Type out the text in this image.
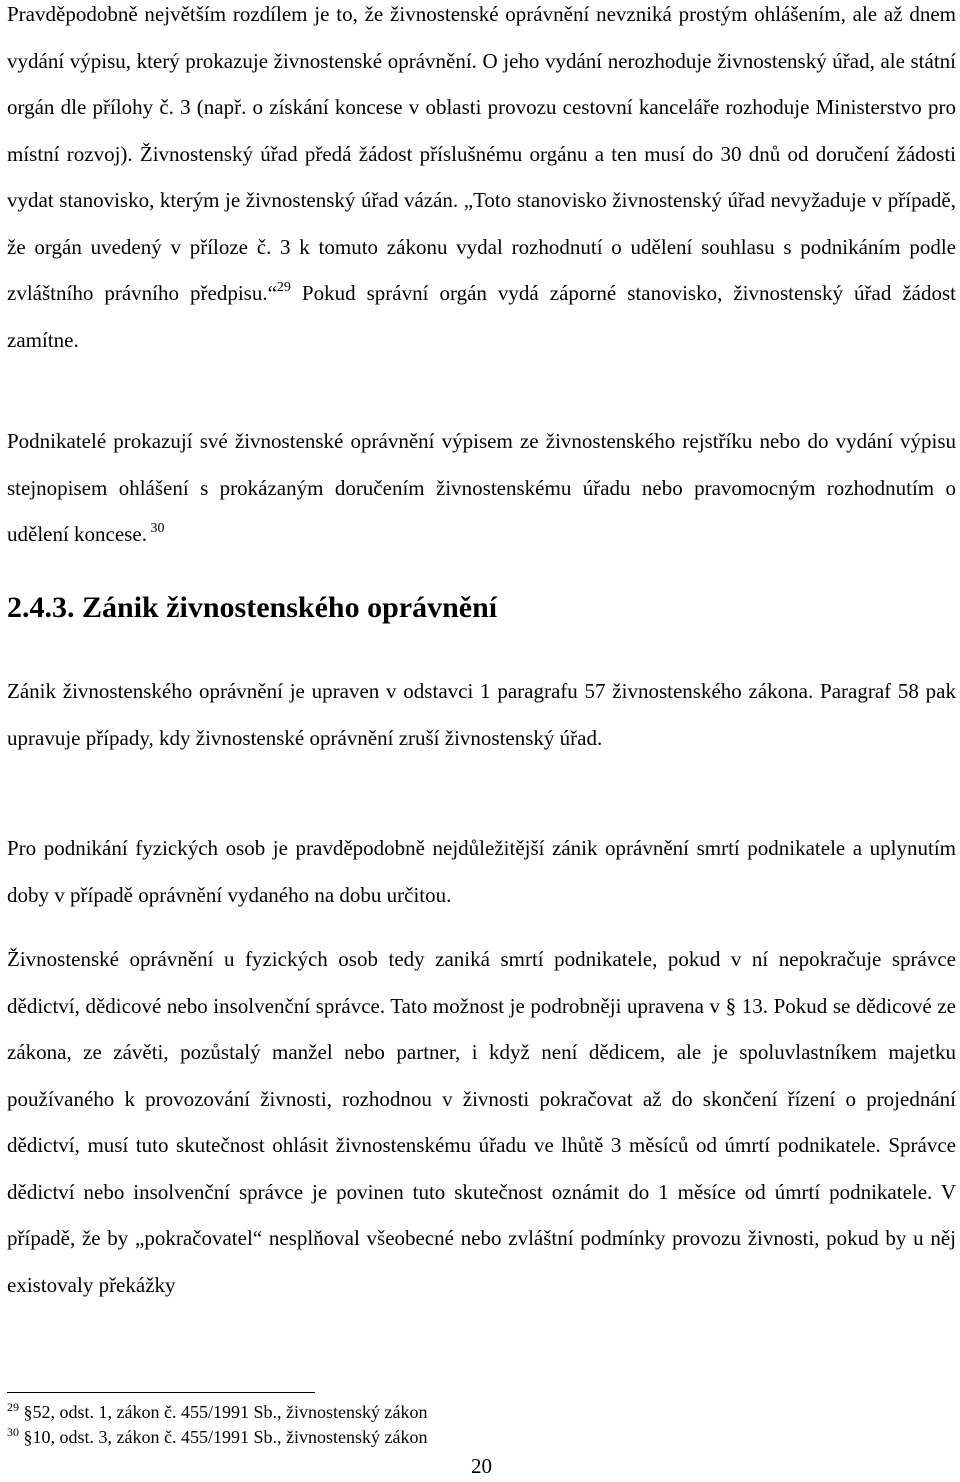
Pravděpodobně největším rozdílem je to, že živnostenské oprávnění nevzniká prostým ohlášením, ale až dnem vydání výpisu, který prokazuje živnostenské oprávnění. O jeho vydání nerozhoduje živnostenský úřad, ale státní orgán dle přílohy č. 3 (např. o získání koncese v oblasti provozu cestovní kanceláře rozhoduje Ministerstvo pro místní rozvoj). Živnostenský úřad předá žádost příslušnému orgánu a ten musí do 30 dnů od doručení žádosti vydat stanovisko, kterým je živnostenský úřad vázán. „Toto stanovisko živnostenský úřad nevyžaduje v případě, že orgán uvedený v příloze č. 3 k tomuto zákonu vydal rozhodnutí o udělení souhlasu s podnikáním podle zvláštního právního předpisu.“$^{29}$ Pokud správní orgán vydá záporné stanovisko, živnostenský úřad žádost zamítne.

Podnikatelé prokazují své živnostenské oprávnění výpisem ze živnostenského rejstříku nebo do vydání výpisu stejnopisem ohlášení s prokázaným doručením živnostenskému úřadu nebo pravomocným rozhodnutím o udělení koncese. $^{30}$

2.4.3. Zánik živnostenského oprávnění

Zánik živnostenského oprávnění je upraven v odstavci 1 paragrafu 57 živnostenského zákona. Paragraf 58 pak upravuje případy, kdy živnostenské oprávnění zruší živnostenský úřad.

Pro podnikání fyzických osob je pravděpodobně nejdůležitější zánik oprávnění smrtí podnikatele a uplynutím doby v případě oprávnění vydaného na dobu určitou.

Živnostenské oprávnění u fyzických osob tedy zaniká smrtí podnikatele, pokud v ní nepokračuje správce dědictví, dědicové nebo insolvenční správce. Tato možnost je podrobněji upravena v § 13. Pokud se dědicové ze zákona, ze závěti, pozůstalý manžel nebo partner, i když není dědicem, ale je spoluvlastníkem majetku používaného k provozování živnosti, rozhodnou v živnosti pokračovat až do skončení řízení o projednání dědictví, musí tuto skutečnost ohlásit živnostenskému úřadu ve lhůtě 3 měsíců od úmrtí podnikatele. Správce dědictví nebo insolvenční správce je povinen tuto skutečnost oznámit do 1 měsíce od úmrtí podnikatele. V případě, že by „pokračovatel“ nesplňoval všeobecné nebo zvláštní podmínky provozu živnosti, pokud by u něj existovaly překážky

$^{29}$ §52, odst. 1, zákon č. 455/1991 Sb., živnostenský zákon
$^{30}$ §10, odst. 3, zákon č. 455/1991 Sb., živnostenský zákon
20
